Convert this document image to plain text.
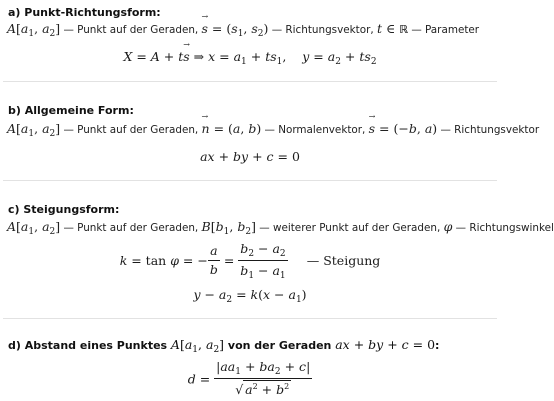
a) Punkt-Richtungsform:
A[a1, a2] — Punkt auf der Geraden, → s = (s1, s2) — Richtungsvektor, t ∈ ℝ — Parameter
X = A + t→ s ⇒ x = a1 + ts1,    y = a2 + ts2
b) Allgemeine Form:
A[a1, a2] — Punkt auf der Geraden, → n = (a, b) — Normalenvektor, → s = (−b, a) — Richtungsvektor
ax + by + c = 0
c) Steigungsform:
A[a1, a2] — Punkt auf der Geraden, B[b1, b2] — weiterer Punkt auf der Geraden, φ — Richtungswinkel
k = tan φ = − $\frac{a}{b} = \frac{b2 - a2}{b1 - a1}$ — Steigung
y − a2 = k(x − a1)
d) Abstand eines Punktes $A[a_1$, $a_2$] von der Geraden ax + by + c = 0:
$d = \frac{|aa1 + ba2 + c|}{√ a^2 + b^2}$
